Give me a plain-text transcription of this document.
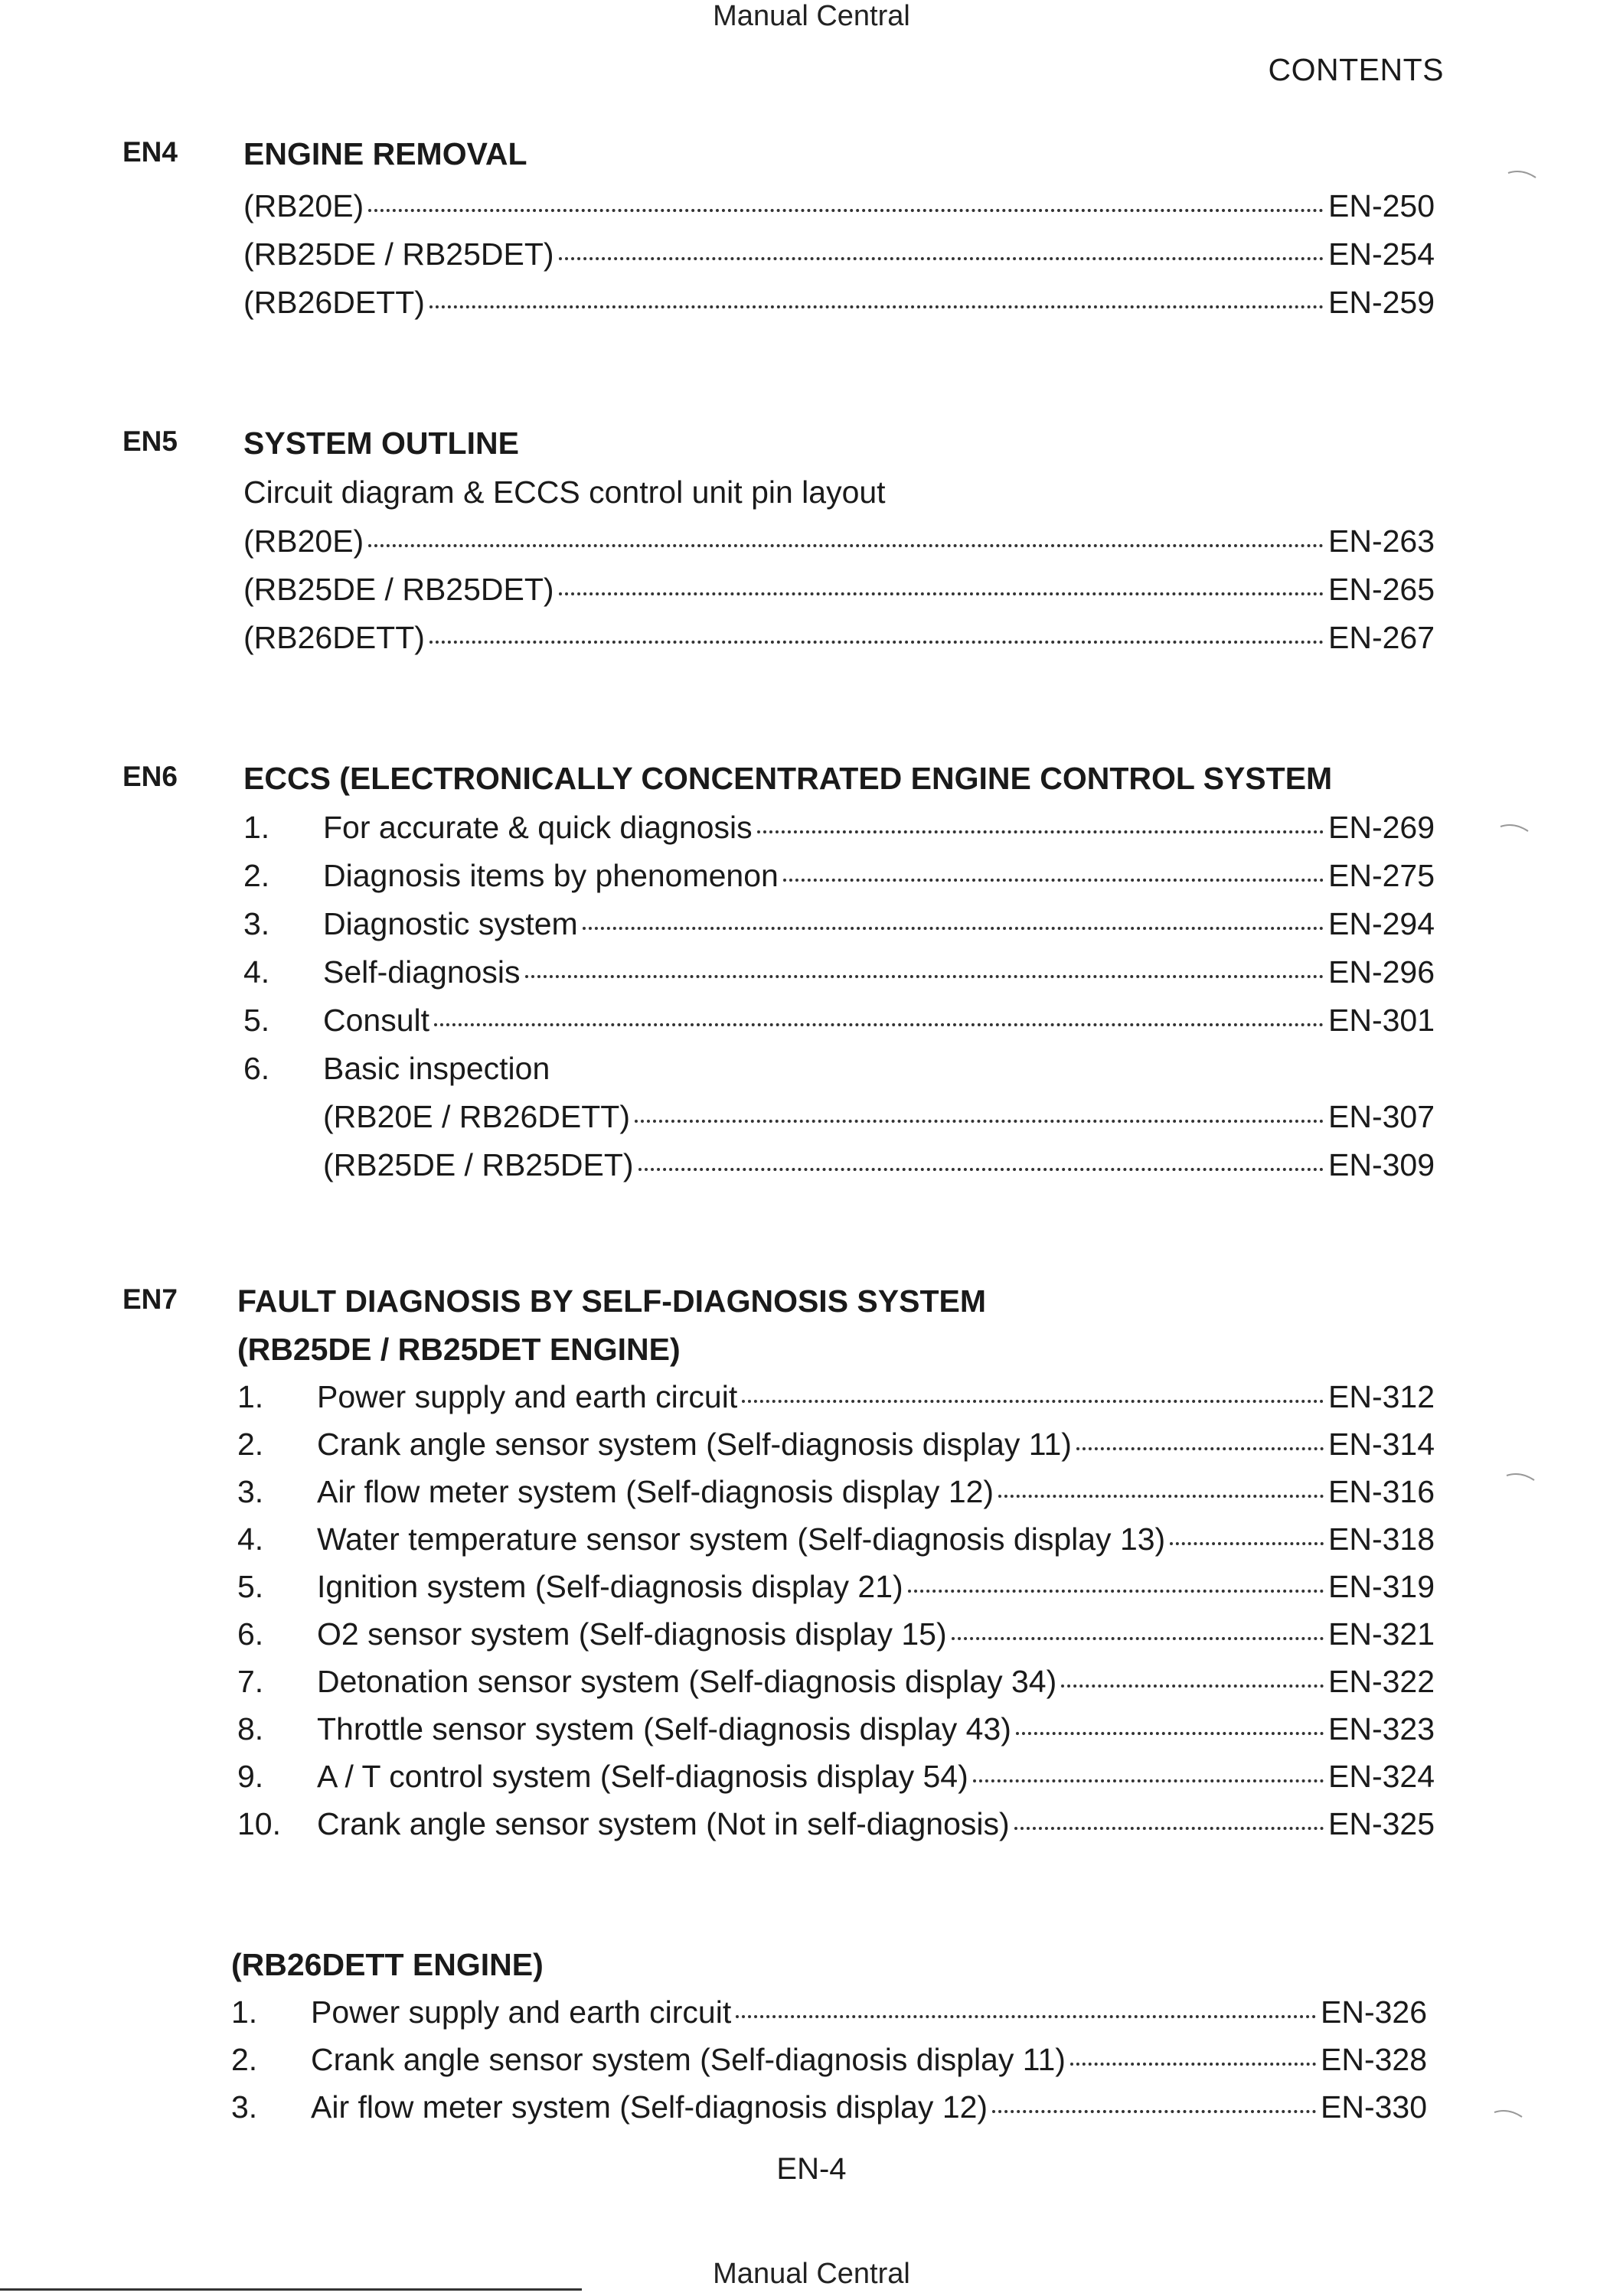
Manual Central
CONTENTS
EN4 ENGINE REMOVAL
(RB20E)	EN-250
(RB25DE / RB25DET)	EN-254
(RB26DETT)	EN-259
EN5 SYSTEM OUTLINE
Circuit diagram & ECCS control unit pin layout
(RB20E)	EN-263
(RB25DE / RB25DET)	EN-265
(RB26DETT)	EN-267
EN6 ECCS (ELECTRONICALLY CONCENTRATED ENGINE CONTROL SYSTEM
1.	For accurate & quick diagnosis	EN-269
2.	Diagnosis items by phenomenon	EN-275
3.	Diagnostic system	EN-294
4.	Self-diagnosis	EN-296
5.	Consult	EN-301
6.	Basic inspection
(RB20E / RB26DETT)	EN-307
(RB25DE / RB25DET)	EN-309
EN7 FAULT DIAGNOSIS BY SELF-DIAGNOSIS SYSTEM
(RB25DE / RB25DET ENGINE)
1.	Power supply and earth circuit	EN-312
2.	Crank angle sensor system (Self-diagnosis display 11)	EN-314
3.	Air flow meter system (Self-diagnosis display 12)	EN-316
4.	Water temperature sensor system (Self-diagnosis display 13)	EN-318
5.	Ignition system (Self-diagnosis display 21)	EN-319
6.	O2 sensor system (Self-diagnosis display 15)	EN-321
7.	Detonation sensor system (Self-diagnosis display 34)	EN-322
8.	Throttle sensor system (Self-diagnosis display 43)	EN-323
9.	A / T control system (Self-diagnosis display 54)	EN-324
10.	Crank angle sensor system (Not in self-diagnosis)	EN-325
(RB26DETT ENGINE)
1.	Power supply and earth circuit	EN-326
2.	Crank angle sensor system (Self-diagnosis display 11)	EN-328
3.	Air flow meter system (Self-diagnosis display 12)	EN-330
EN-4
Manual Central
